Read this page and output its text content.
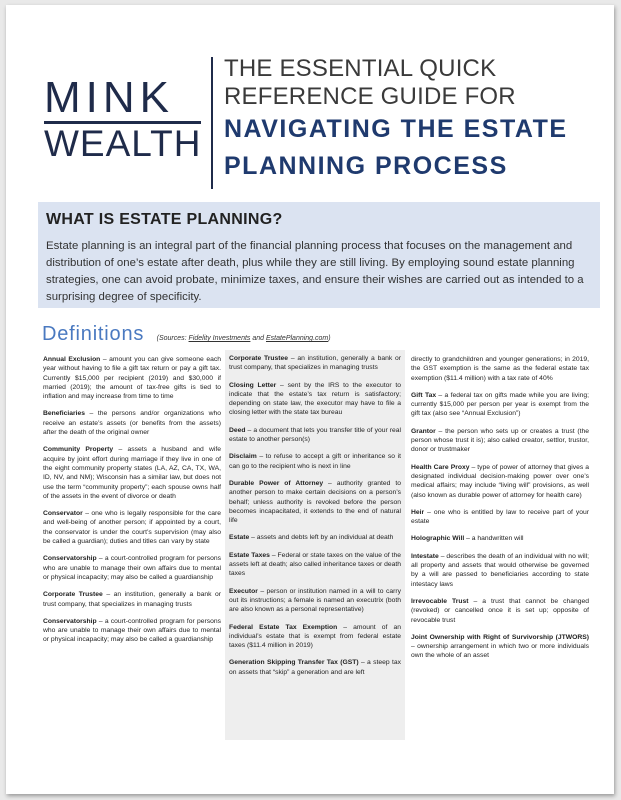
MINK
WEALTH
THE ESSENTIAL QUICK
REFERENCE GUIDE FOR
NAVIGATING THE ESTATE
PLANNING PROCESS
WHAT IS ESTATE PLANNING?
Estate planning is an integral part of the financial planning process that focuses on the management and distribution of one’s estate after death, plus while they are still living. By employing sound estate planning strategies, one can avoid probate, minimize taxes, and ensure their wishes are carried out as intended to a surprising degree of specificity.
Definitions (Sources: Fidelity Investments and EstatePlanning.com)
Annual Exclusion – amount you can give someone each year without having to file a gift tax return or pay a gift tax. Currently $15,000 per recipient (2019) and $30,000 if married (2019); the amount of tax-free gifts is tied to inflation and may increase from time to time
Beneficiaries – the persons and/or organizations who receive an estate’s assets (or benefits from the assets) after the death of the original owner
Community Property – assets a husband and wife acquire by joint effort during marriage if they live in one of the eight community property states (LA, AZ, CA, TX, WA, ID, NV, and NM); Wisconsin has a similar law, but does not use the term “community property”; each spouse owns half of the assets in the event of divorce or death
Conservator – one who is legally responsible for the care and well-being of another person; if appointed by a court, the conservator is under the court’s supervision (may also be called a guardian); duties and titles can vary by state
Conservatorship – a court-controlled program for persons who are unable to manage their own affairs due to mental or physical incapacity; may also be called a guardianship
Corporate Trustee – an institution, generally a bank or trust company, that specializes in managing trusts
Conservatorship – a court-controlled program for persons who are unable to manage their own affairs due to mental or physical incapacity; may also be called a guardianship
Corporate Trustee – an institution, generally a bank or trust company, that specializes in managing trusts
Closing Letter – sent by the IRS to the executor to indicate that the estate’s tax return is satisfactory; depending on state law, the executor may have to file a closing letter with the state tax bureau
Deed – a document that lets you transfer title of your real estate to another person(s)
Disclaim – to refuse to accept a gift or inheritance so it can go to the recipient who is next in line
Durable Power of Attorney – authority granted to another person to make certain decisions on a person’s behalf; unless authority is revoked before the person becomes incapacitated, it extends to the end of natural life
Estate – assets and debts left by an individual at death
Estate Taxes – Federal or state taxes on the value of the assets left at death; also called inheritance taxes or death taxes
Executor – person or institution named in a will to carry out its instructions; a female is named an executrix (both are also known as a personal representative)
Federal Estate Tax Exemption – amount of an individual’s estate that is exempt from federal estate taxes ($11.4 million in 2019)
Generation Skipping Transfer Tax (GST) – a steep tax on assets that “skip” a generation and are left
directly to grandchildren and younger generations; in 2019, the GST exemption is the same as the federal estate tax exemption ($11.4 million) with a tax rate of 40%
Gift Tax – a federal tax on gifts made while you are living; currently $15,000 per person per year is exempt from the gift tax (also see “Annual Exclusion”)
Grantor – the person who sets up or creates a trust (the person whose trust it is); also called creator, settlor, trustor, donor or trustmaker
Health Care Proxy – type of power of attorney that gives a designated individual decision-making power over one’s medical affairs; may include “living will” provisions, as well (also known as durable power of attorney for health care)
Heir – one who is entitled by law to receive part of your estate
Holographic Will – a handwritten will
Intestate – describes the death of an individual with no will; all property and assets that would otherwise be governed by a will are passed to beneficiaries according to state intestacy laws
Irrevocable Trust – a trust that cannot be changed (revoked) or cancelled once it is set up; opposite of revocable trust
Joint Ownership with Right of Survivorship (JTWORS) – ownership arrangement in which two or more individuals own the whole of an asset
